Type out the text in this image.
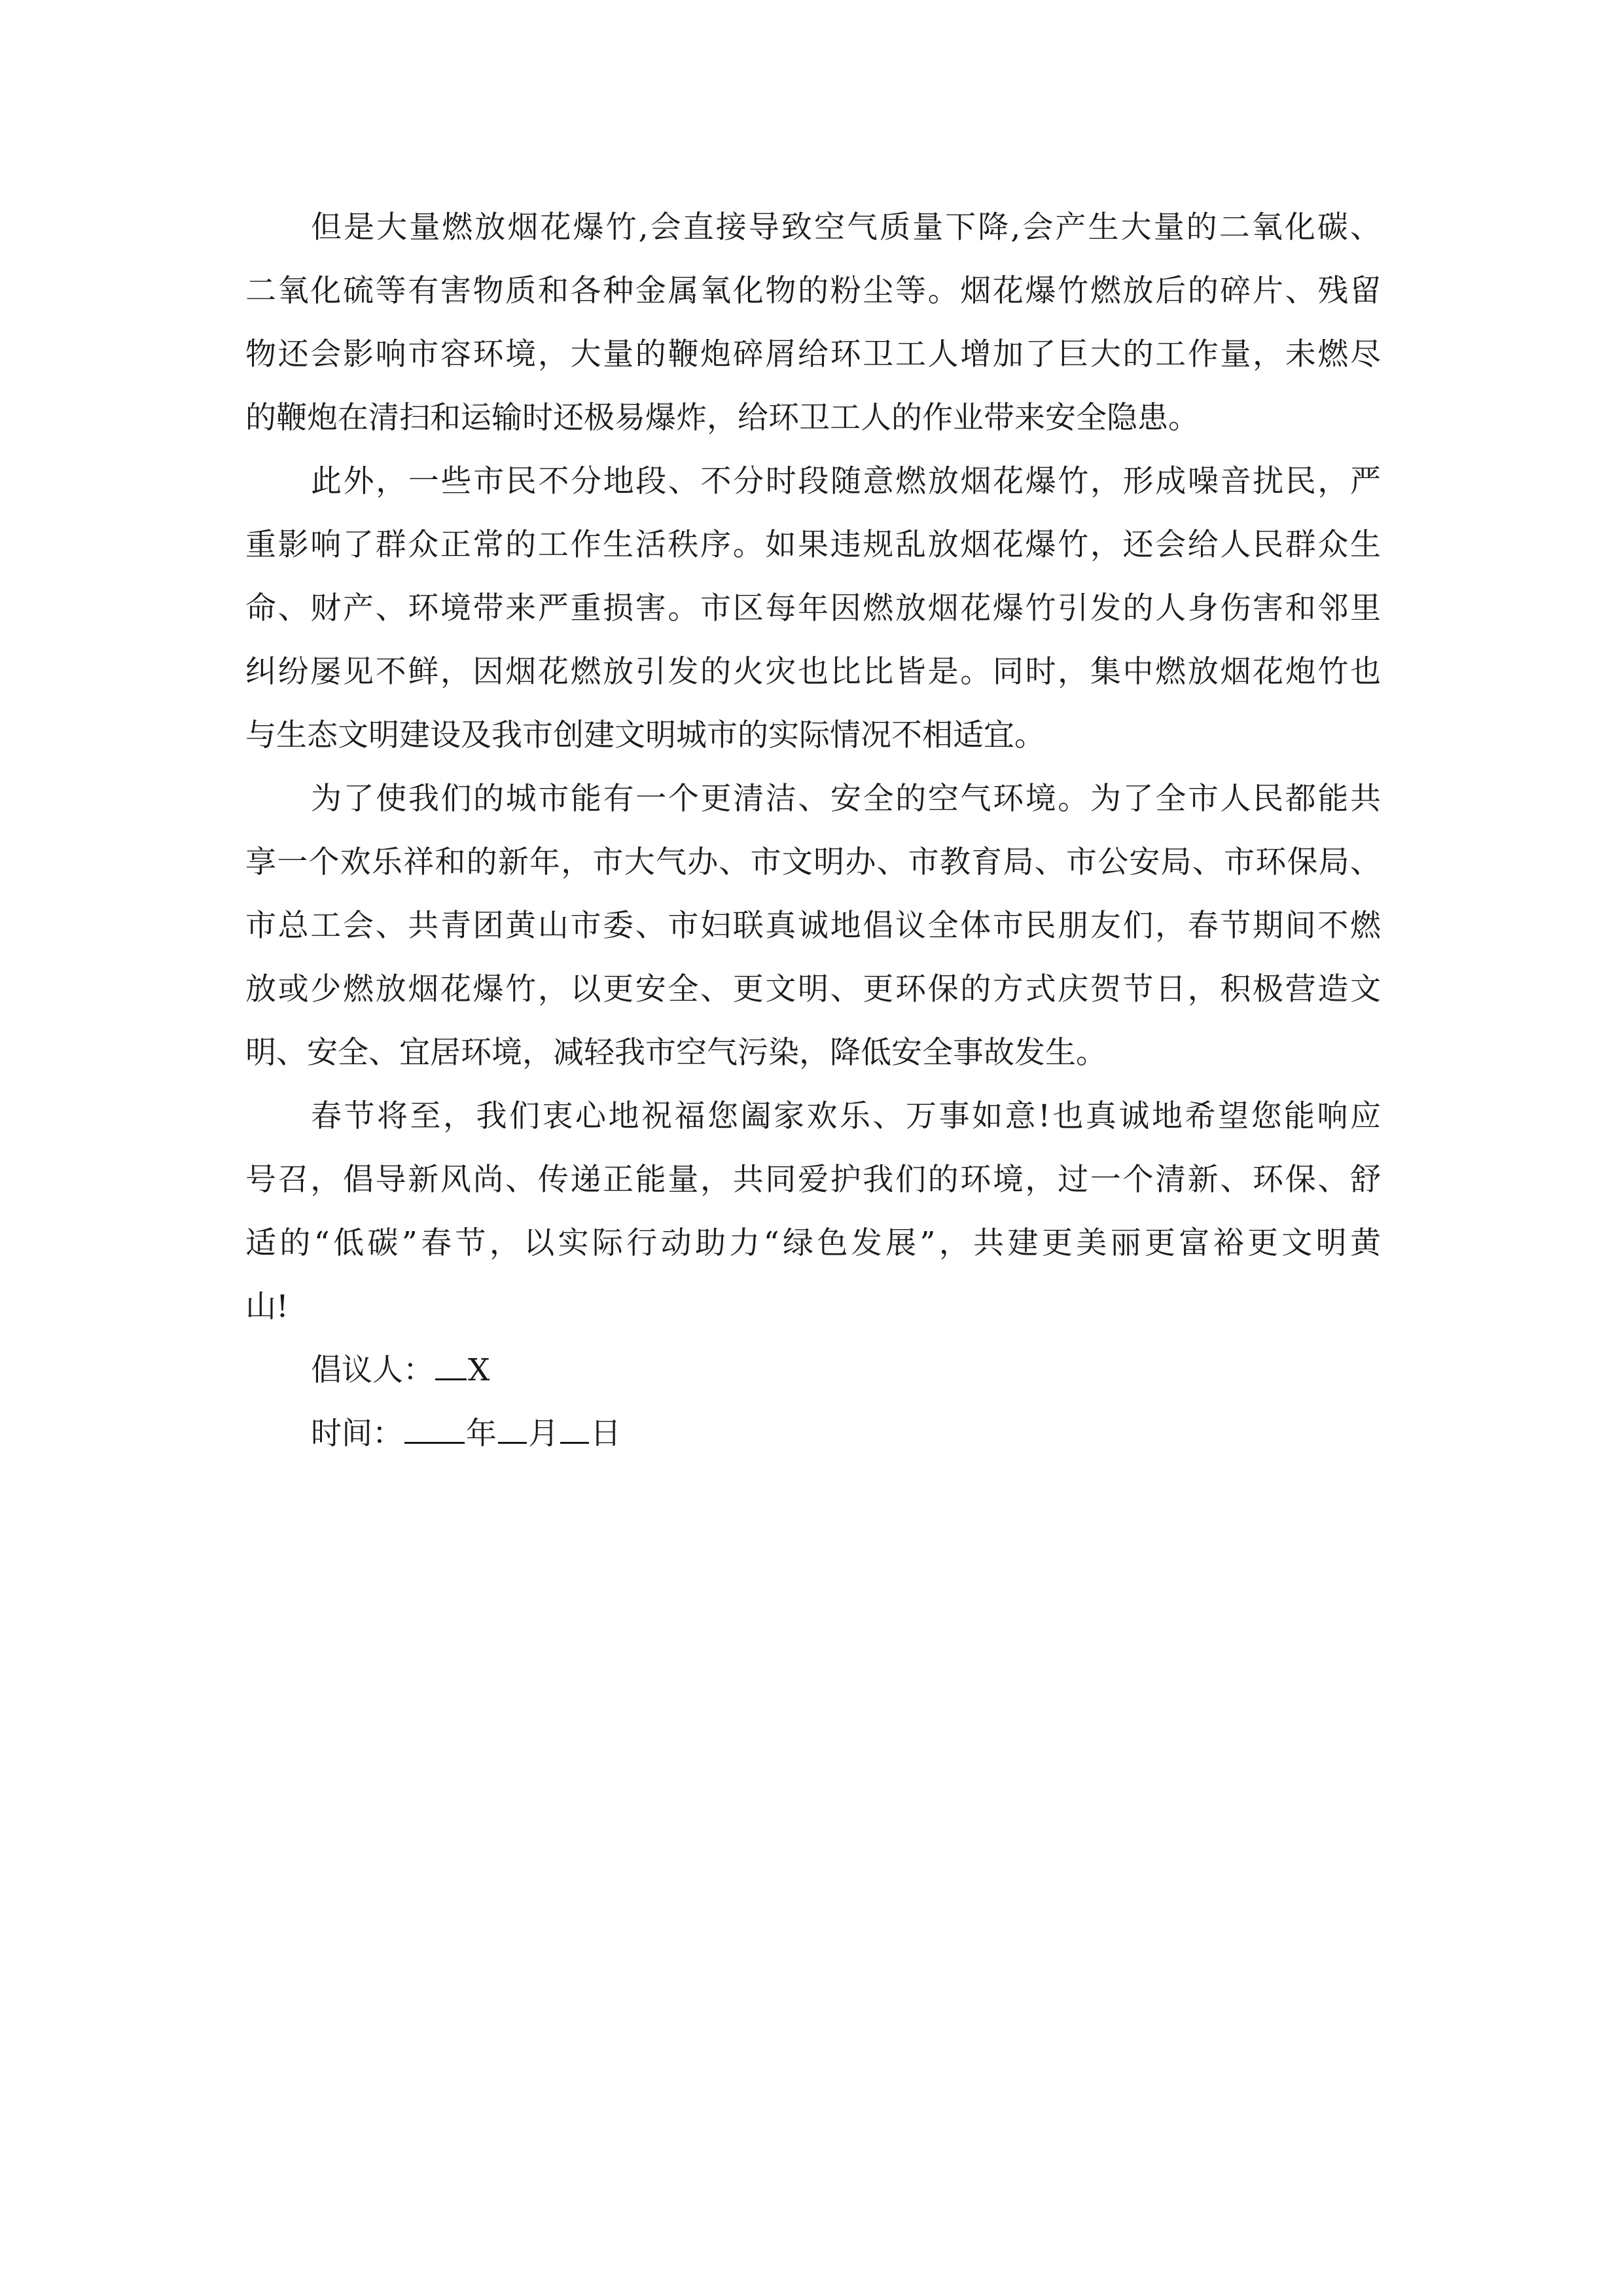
但是大量燃放烟花爆竹,会直接导致空气质量下降,会产生大量的二氧化碳、
二氧化硫等有害物质和各种金属氧化物的粉尘等。烟花爆竹燃放后的碎片、残留
物还会影响市容环境，大量的鞭炮碎屑给环卫工人增加了巨大的工作量，未燃尽
的鞭炮在清扫和运输时还极易爆炸，给环卫工人的作业带来安全隐患。
此外，一些市民不分地段、不分时段随意燃放烟花爆竹，形成噪音扰民，严
重影响了群众正常的工作生活秩序。如果违规乱放烟花爆竹，还会给人民群众生
命、财产、环境带来严重损害。市区每年因燃放烟花爆竹引发的人身伤害和邻里
纠纷屡见不鲜，因烟花燃放引发的火灾也比比皆是。同时，集中燃放烟花炮竹也
与生态文明建设及我市创建文明城市的实际情况不相适宜。
为了使我们的城市能有一个更清洁、安全的空气环境。为了全市人民都能共
享一个欢乐祥和的新年，市大气办、市文明办、市教育局、市公安局、市环保局、
市总工会、共青团黄山市委、市妇联真诚地倡议全体市民朋友们，春节期间不燃
放或少燃放烟花爆竹，以更安全、更文明、更环保的方式庆贺节日，积极营造文
明、安全、宜居环境，减轻我市空气污染，降低安全事故发生。
春节将至，我们衷心地祝福您阖家欢乐、万事如意!也真诚地希望您能响应
号召，倡导新风尚、传递正能量，共同爱护我们的环境，过一个清新、环保、舒
适的“低碳”春节，以实际行动助力“绿色发展”，共建更美丽更富裕更文明黄
山!
倡议人： X
时间： 年 月 日
